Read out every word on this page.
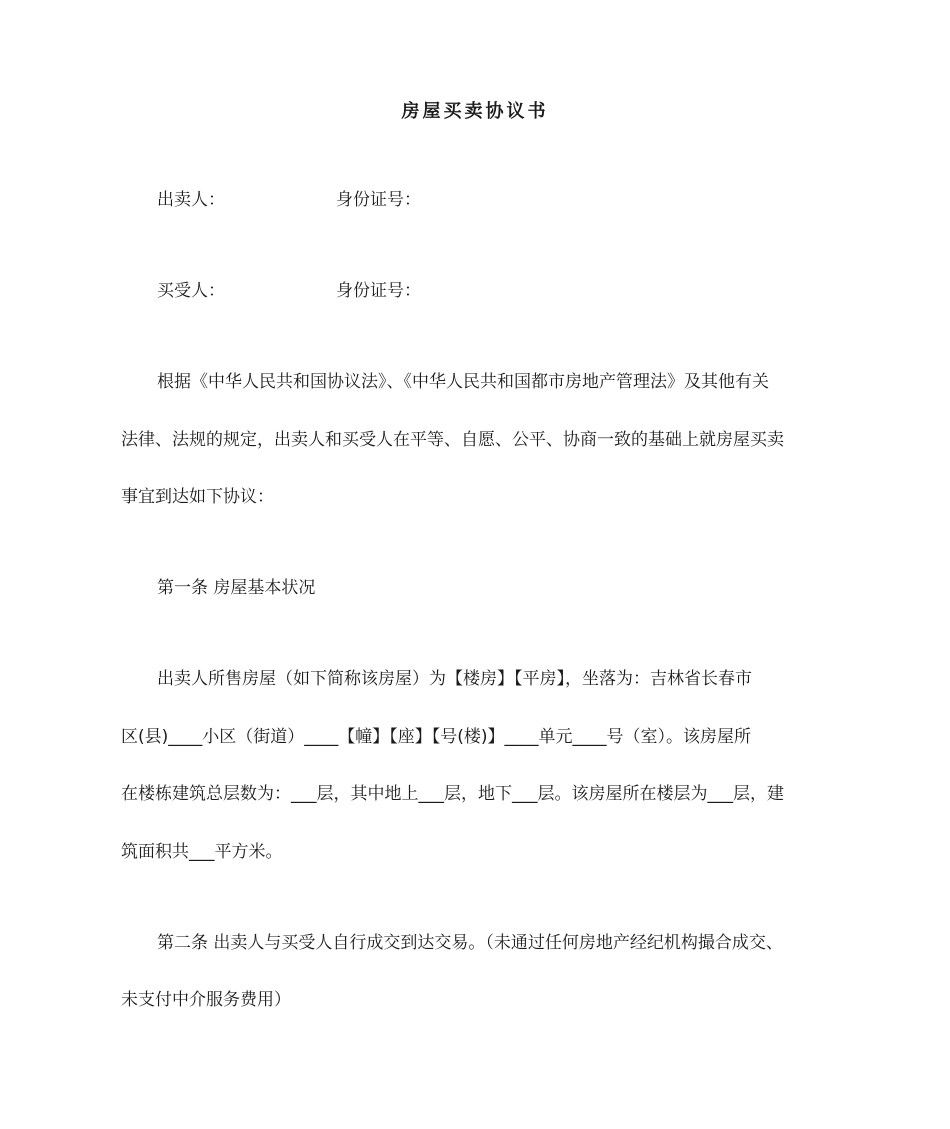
房屋买卖协议书
出卖人：	身份证号：
买受人：	身份证号：
根据《中华人民共和国协议法》、《中华人民共和国都市房地产管理法》及其他有关
法律、法规的规定，出卖人和买受人在平等、自愿、公平、协商一致的基础上就房屋买卖
事宜到达如下协议：
第一条 房屋基本状况
出卖人所售房屋（如下简称该房屋）为【楼房】【平房】，坐落为：吉林省长春市
区(县)____小区（街道）____【幢】【座】【号(楼)】____单元____号（室）。该房屋所
在楼栋建筑总层数为：___层，其中地上___层，地下___层。该房屋所在楼层为___层，建
筑面积共___平方米。
第二条 出卖人与买受人自行成交到达交易。（未通过任何房地产经纪机构撮合成交、
未支付中介服务费用）
